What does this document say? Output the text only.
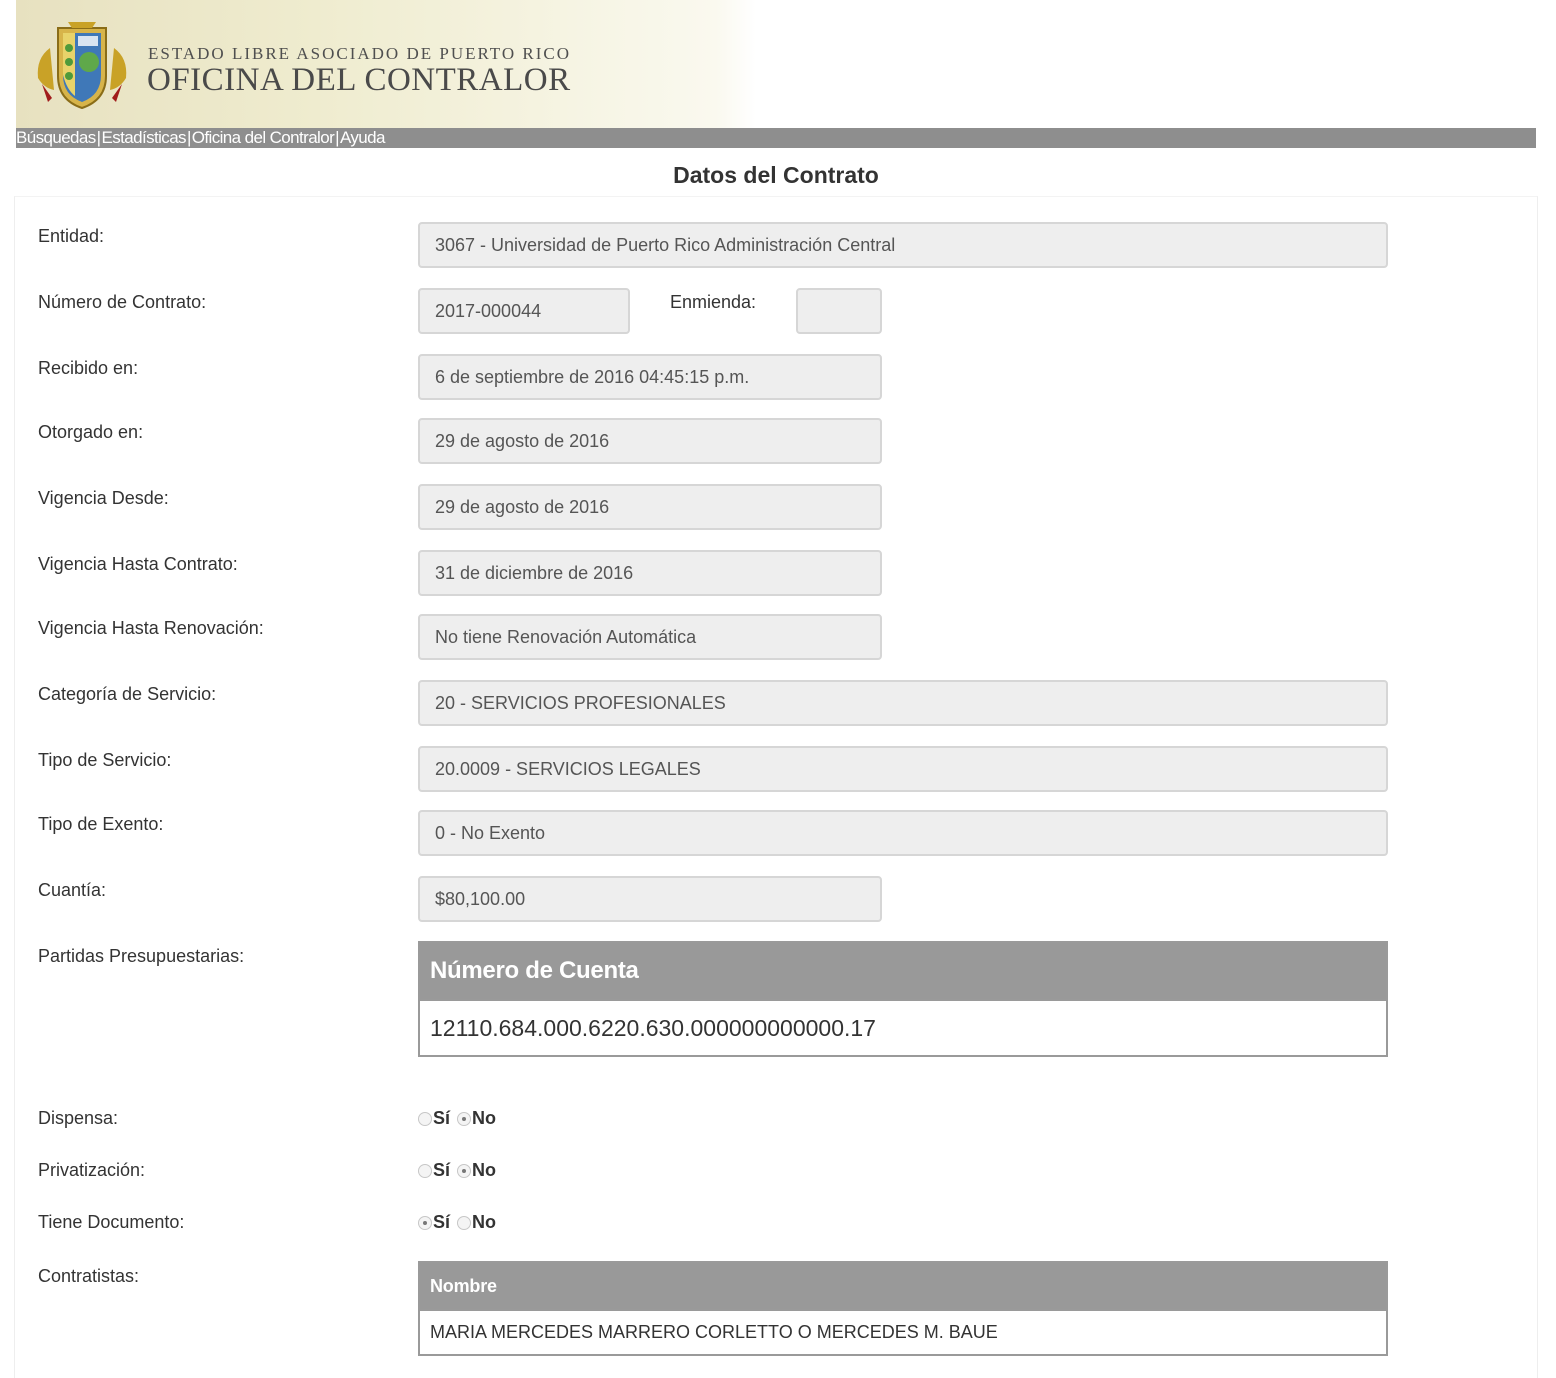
ESTADO LIBRE ASOCIADO DE PUERTO RICO
OFICINA DEL CONTRALOR
Búsquedas | Estadísticas | Oficina del Contralor | Ayuda
Datos del Contrato
Entidad:	3067 - Universidad de Puerto Rico Administración Central
Número de Contrato:	2017-000044	Enmienda:
Recibido en:	6 de septiembre de 2016 04:45:15 p.m.
Otorgado en:	29 de agosto de 2016
Vigencia Desde:	29 de agosto de 2016
Vigencia Hasta Contrato:	31 de diciembre de 2016
Vigencia Hasta Renovación:	No tiene Renovación Automática
Categoría de Servicio:	20 - SERVICIOS PROFESIONALES
Tipo de Servicio:	20.0009 - SERVICIOS LEGALES
Tipo de Exento:	0 - No Exento
Cuantía:	$80,100.00
Partidas Presupuestarias:
Número de Cuenta
12110.684.000.6220.630.000000000000.17
Dispensa:	Sí No
Privatización:	Sí No
Tiene Documento:	Sí No
Contratistas:	Nombre
MARIA MERCEDES MARRERO CORLETTO O MERCEDES M. BAUE
